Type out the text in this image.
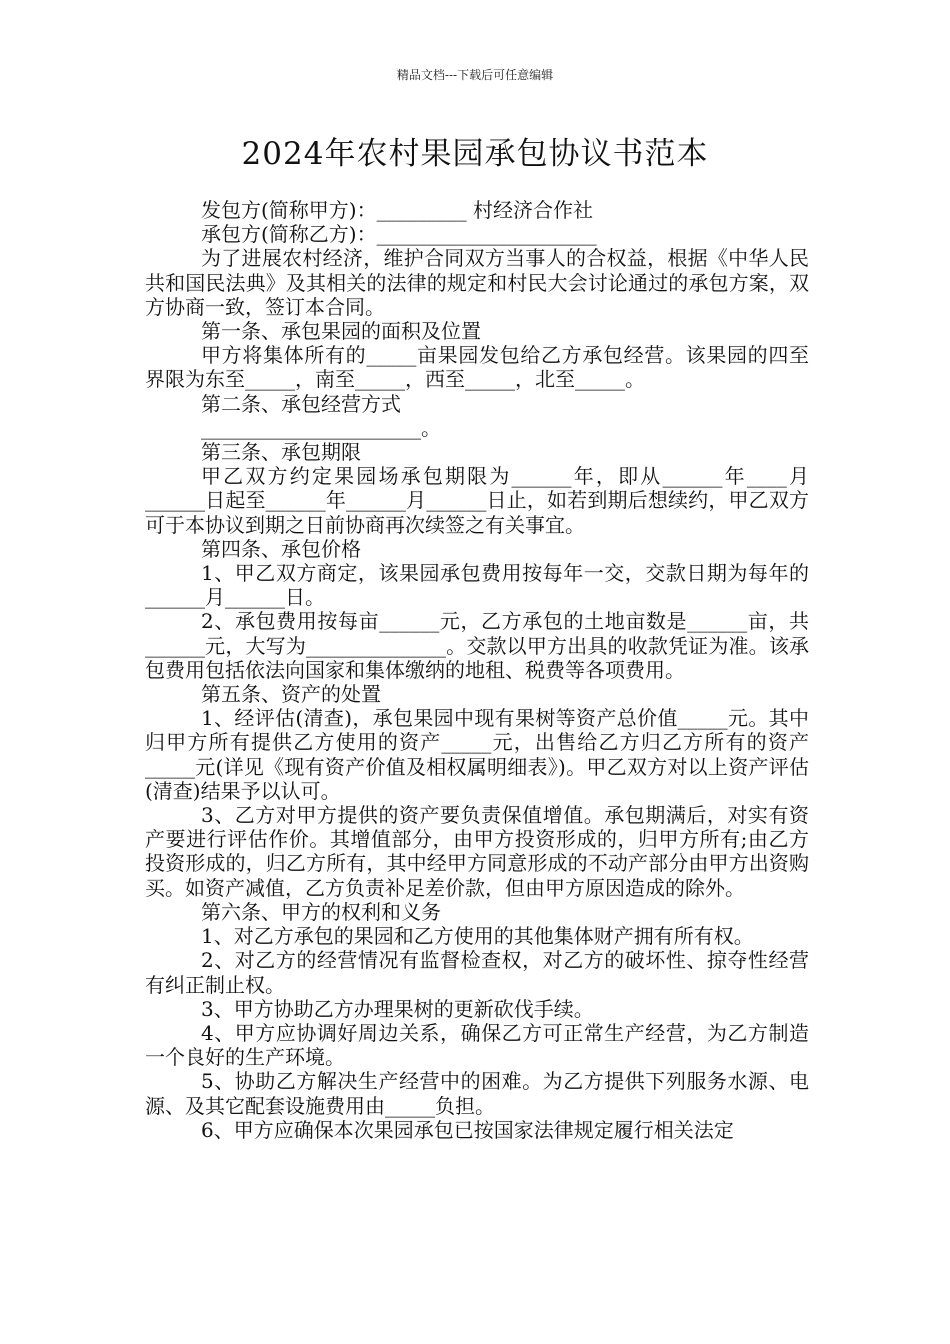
精品文档---下载后可任意编辑
2024年农村果园承包协议书范本

发包方(简称甲方)：_________ 村经济合作社

承包方(简称乙方)：______________________

为了进展农村经济，维护合同双方当事人的合权益，根据《中华人民共和国民法典》及其相关的法律的规定和村民大会讨论通过的承包方案，双方协商一致，签订本合同。

第一条、承包果园的面积及位置

甲方将集体所有的_____亩果园发包给乙方承包经营。该果园的四至界限为东至_____，南至_____，西至_____，北至_____。

第二条、承包经营方式

______________________。

第三条、承包期限

甲乙双方约定果园场承包期限为______年，即从______年____月______日起至______年______月______日止，如若到期后想续约，甲乙双方可于本协议到期之日前协商再次续签之有关事宜。

第四条、承包价格

1、甲乙双方商定，该果园承包费用按每年一交，交款日期为每年的______月______日。

2、承包费用按每亩______元，乙方承包的土地亩数是______亩，共______元，大写为______________。交款以甲方出具的收款凭证为准。该承包费用包括依法向国家和集体缴纳的地租、税费等各项费用。

第五条、资产的处置

1、经评估(清查)，承包果园中现有果树等资产总价值_____元。其中归甲方所有提供乙方使用的资产_____元，出售给乙方归乙方所有的资产_____元(详见《现有资产价值及相权属明细表》)。甲乙双方对以上资产评估(清查)结果予以认可。

3、乙方对甲方提供的资产要负责保值增值。承包期满后，对实有资产要进行评估作价。其增值部分，由甲方投资形成的，归甲方所有;由乙方投资形成的，归乙方所有，其中经甲方同意形成的不动产部分由甲方出资购买。如资产减值，乙方负责补足差价款，但由甲方原因造成的除外。

第六条、甲方的权利和义务

1、对乙方承包的果园和乙方使用的其他集体财产拥有所有权。

2、对乙方的经营情况有监督检查权，对乙方的破坏性、掠夺性经营有纠正制止权。

3、甲方协助乙方办理果树的更新砍伐手续。

4、甲方应协调好周边关系，确保乙方可正常生产经营，为乙方制造一个良好的生产环境。

5、协助乙方解决生产经营中的困难。为乙方提供下列服务水源、电源、及其它配套设施费用由_____负担。

6、甲方应确保本次果园承包已按国家法律规定履行相关法定
